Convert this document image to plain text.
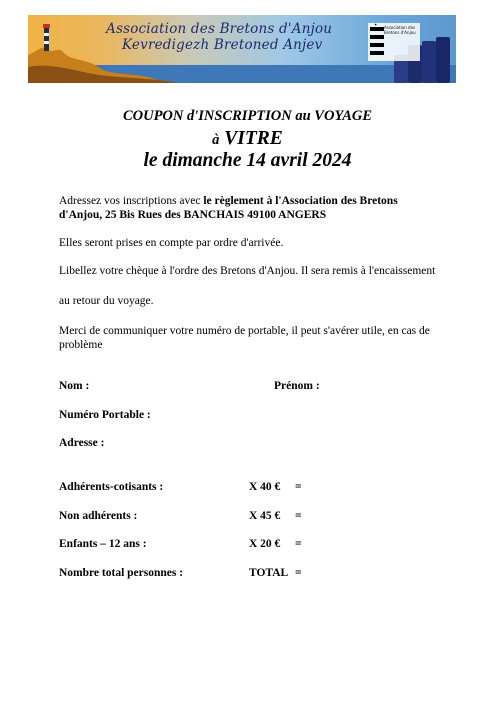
Association des Bretons d'Anjou
Kevredigezh Bretoned Anjev
✦
Association des Bretons d'Anjou
COUPON d'INSCRIPTION au VOYAGE
à VITRE
le dimanche 14 avril 2024
Adressez vos inscriptions avec le règlement à l'Association des Bretons d'Anjou, 25 Bis Rues des BANCHAIS 49100 ANGERS
Elles seront prises en compte par ordre d'arrivée.
Libellez votre chèque à l'ordre des Bretons d'Anjou. Il sera remis à l'encaissement
au retour du voyage.
Merci de communiquer votre numéro de portable, il peut s'avérer utile, en cas de problème
Nom :	Prénom :
Numéro Portable :
Adresse :
Adhérents-cotisants :	X 40 € =
Non adhérents :	X 45 € =
Enfants – 12 ans :	X 20 € =
Nombre total personnes :	TOTAL =
